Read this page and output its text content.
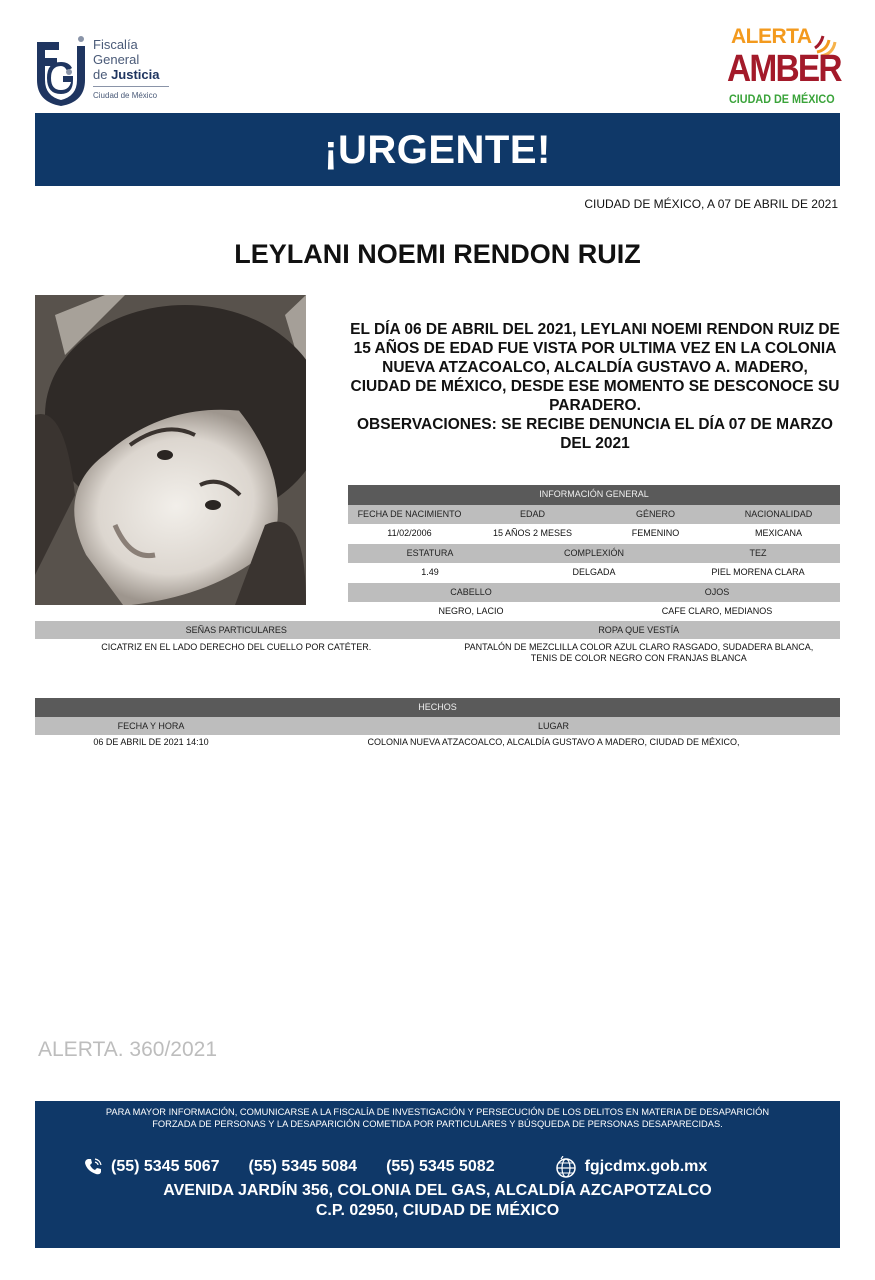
Fiscalía
General
de Justicia
Ciudad de México
ALERTA
AMBER
CIUDAD DE MÉXICO
¡URGENTE!
CIUDAD DE MÉXICO, A 07 DE ABRIL DE 2021
LEYLANI NOEMI RENDON RUIZ
EL DÍA 06 DE ABRIL DEL 2021, LEYLANI NOEMI RENDON RUIZ DE 15 AÑOS DE EDAD FUE VISTA POR ULTIMA VEZ EN LA COLONIA NUEVA ATZACOALCO, ALCALDÍA GUSTAVO A. MADERO, CIUDAD DE MÉXICO, DESDE ESE MOMENTO SE DESCONOCE SU PARADERO.
OBSERVACIONES: SE RECIBE DENUNCIA EL DÍA 07 DE MARZO DEL 2021
INFORMACIÓN GENERAL
FECHA DE NACIMIENTO	EDAD	GÉNERO	NACIONALIDAD
11/02/2006	15 AÑOS 2 MESES	FEMENINO	MEXICANA
ESTATURA	COMPLEXIÓN	TEZ
1.49	DELGADA	PIEL MORENA CLARA
CABELLO	OJOS
NEGRO, LACIO	CAFE CLARO, MEDIANOS
SEÑAS PARTICULARES	ROPA QUE VESTÍA
CICATRIZ EN EL LADO DERECHO DEL CUELLO POR CATÉTER.	PANTALÓN DE MEZCLILLA COLOR AZUL CLARO RASGADO, SUDADERA BLANCA,
TENIS DE COLOR NEGRO CON FRANJAS BLANCA
HECHOS
FECHA Y HORA	LUGAR
06 DE ABRIL DE 2021 14:10	COLONIA NUEVA ATZACOALCO, ALCALDÍA GUSTAVO A MADERO, CIUDAD DE MÉXICO,
ALERTA. 360/2021
PARA MAYOR INFORMACIÓN, COMUNICARSE A LA FISCALÍA DE INVESTIGACIÓN Y PERSECUCIÓN DE LOS DELITOS EN MATERIA DE DESAPARICIÓN
FORZADA DE PERSONAS Y LA DESAPARICIÓN COMETIDA POR PARTICULARES Y BÚSQUEDA DE PERSONAS DESAPARECIDAS.
(55) 5345 5067 (55) 5345 5084 (55) 5345 5082	fgjcdmx.gob.mx
AVENIDA JARDÍN 356, COLONIA DEL GAS, ALCALDÍA AZCAPOTZALCO
C.P. 02950, CIUDAD DE MÉXICO
